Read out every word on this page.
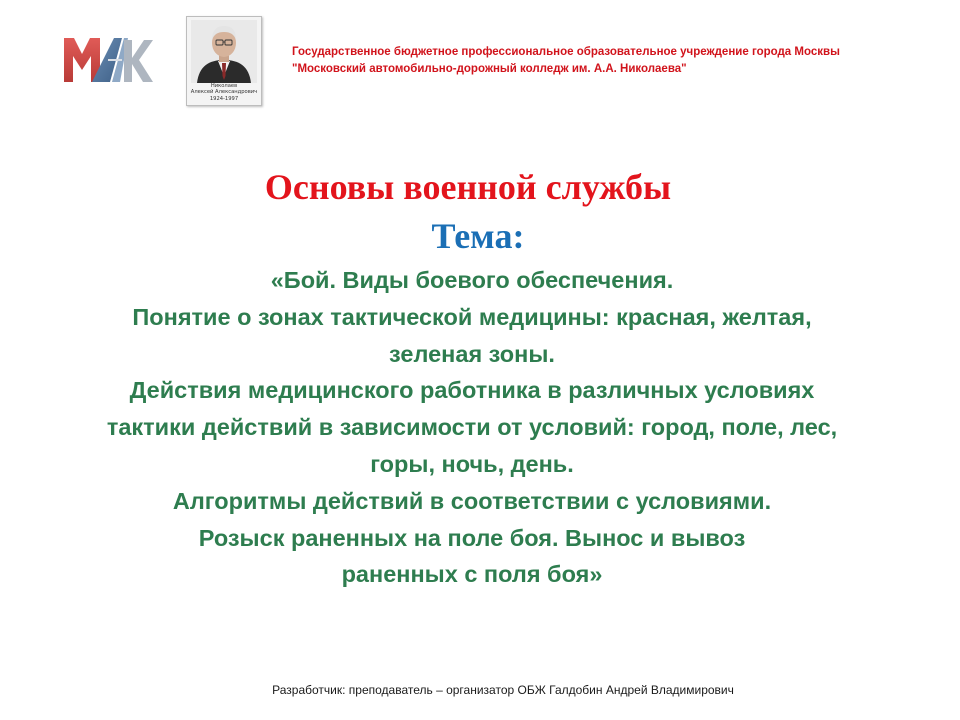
Николаев
Алексей Александрович
1924-1997
Государственное бюджетное профессиональное образовательное учреждение города Москвы
"Московский автомобильно-дорожный колледж им. А.А. Николаева"
Основы военной службы
Тема:
«Бой. Виды боевого обеспечения.
Понятие о зонах тактической медицины: красная, желтая,
зеленая зоны.
Действия медицинского работника в различных условиях
тактики действий в зависимости от условий: город, поле, лес,
горы, ночь, день.
Алгоритмы действий в соответствии с условиями.
Розыск раненных на поле боя. Вынос и вывоз
раненных с поля боя»
Разработчик: преподаватель – организатор ОБЖ Галдобин Андрей Владимирович
